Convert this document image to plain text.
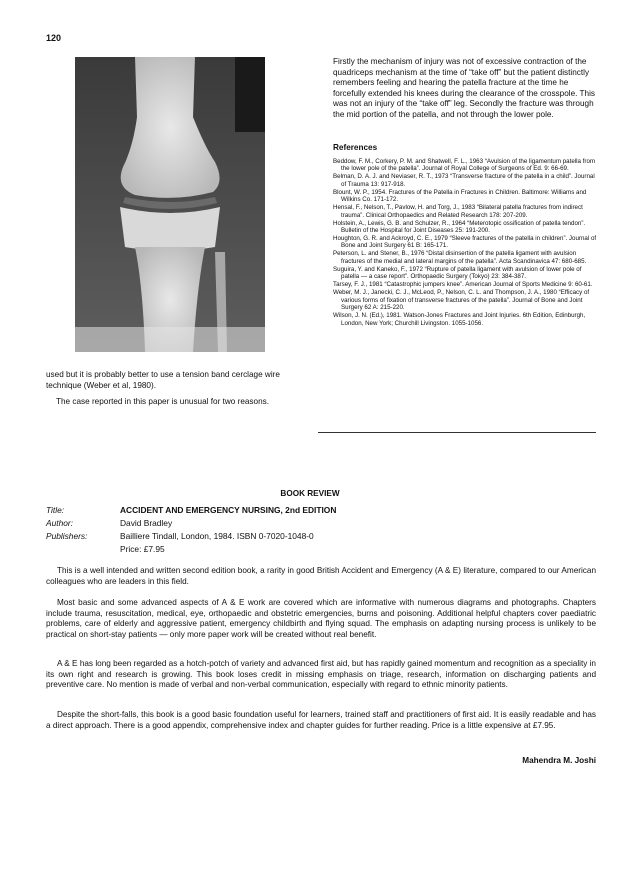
120

used but it is probably better to use a tension band cerclage wire technique (Weber et al, 1980).

The case reported in this paper is unusual for two reasons.

Firstly the mechanism of injury was not of excessive contraction of the quadriceps mechanism at the time of “take off” but the patient distinctly remembers feeling and hearing the patella fracture at the time he forcefully extended his knees during the clearance of the crosspole. This was not an injury of the “take off” leg. Secondly the fracture was through the mid portion of the patella, and not through the lower pole.

References
Beddow, F. M., Corkery, P. M. and Shatwell, F. L., 1963 “Avulsion of the ligamentum patella from the lower pole of the patella”. Journal of Royal College of Surgeons of Ed. 9: 66-69.
Belman, D. A. J. and Neviaser, R. T., 1973 “Transverse fracture of the patella in a child”. Journal of Trauma 13: 917-918.
Blount, W. P., 1954. Fractures of the Patella in Fractures in Children. Baltimore: Williams and Wilkins Co. 171-172.
Hensal, F., Nelson, T., Pavlow, H. and Torg, J., 1983 “Bilateral patella fractures from indirect trauma”. Clinical Orthopaedics and Related Research 178: 207-209.
Holstein, A., Lewis, G. B. and Schulzer, R., 1964 “Meterotopic ossification of patella tendon”. Bulletin of the Hospital for Joint Diseases 25: 191-200.
Houghton, G. R. and Ackroyd, C. E., 1979 “Sleeve fractures of the patella in children”. Journal of Bone and Joint Surgery 61 B: 165-171.
Peterson, L. and Stener, B., 1976 “Distal disinsertion of the patella ligament with avulsion fractures of the medial and lateral margins of the patella”. Acta Scandinavica 47: 680-685.
Suguira, Y. and Kaneko, F., 1972 “Rupture of patella ligament with avulsion of lower pole of patella — a case report”. Orthopaedic Surgery (Tokyo) 23: 384-387.
Tarsey, F. J., 1981 “Catastrophic jumpers knee”. American Journal of Sports Medicine 9: 60-61.
Weber, M. J., Janecki, C. J., McLeod, P., Nelson, C. L. and Thompson, J. A., 1980 “Efficacy of various forms of fixation of transverse fractures of the patella”. Journal of Bone and Joint Surgery 62 A: 215-220.
Wilson, J. N. (Ed.), 1981. Watson-Jones Fractures and Joint Injuries. 6th Edition, Edinburgh, London, New York; Churchill Livingston. 1055-1056.
BOOK REVIEW
Title:	ACCIDENT AND EMERGENCY NURSING, 2nd EDITION
Author:	David Bradley
Publishers:	Bailliere Tindall, London, 1984. ISBN 0-7020-1048-0
Price: £7.95

This is a well intended and written second edition book, a rarity in good British Accident and Emergency (A & E) literature, compared to our American colleagues who are leaders in this field.

Most basic and some advanced aspects of A & E work are covered which are informative with numerous diagrams and photographs. Chapters include trauma, resuscitation, medical, eye, orthopaedic and obstetric emergencies, burns and poisoning. Additional helpful chapters cover paediatric problems, care of elderly and aggressive patient, emergency childbirth and flying squad. The emphasis on adapting nursing process is unlikely to be practical on short-stay patients — only more paper work will be created without real benefit.

A & E has long been regarded as a hotch-potch of variety and advanced first aid, but has rapidly gained momentum and recognition as a speciality in its own right and research is growing. This book loses credit in missing emphasis on triage, research, information on discharging patients and preventive care. No mention is made of verbal and non-verbal communication, especially with regard to ethnic minority patients.

Despite the short-falls, this book is a good basic foundation useful for learners, trained staff and practitioners of first aid. It is easily readable and has a direct approach. There is a good appendix, comprehensive index and chapter guides for further reading. Price is a little expensive at £7.95.

Mahendra M. Joshi
